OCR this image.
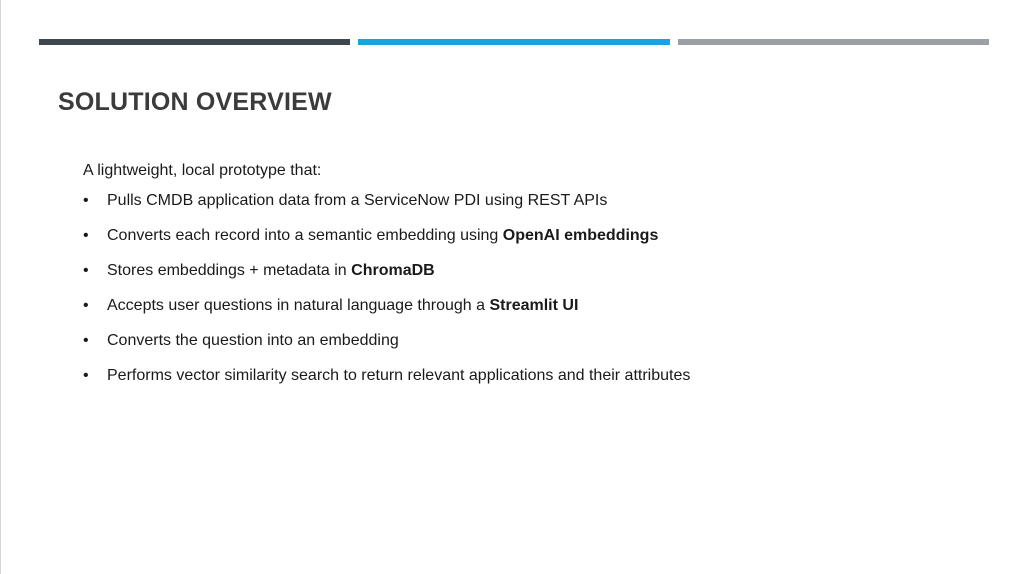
SOLUTION OVERVIEW

A lightweight, local prototype that:

• Pulls CMDB application data from a ServiceNow PDI using REST APIs
• Converts each record into a semantic embedding using OpenAI embeddings
• Stores embeddings + metadata in ChromaDB
• Accepts user questions in natural language through a Streamlit UI
• Converts the question into an embedding
• Performs vector similarity search to return relevant applications and their attributes
